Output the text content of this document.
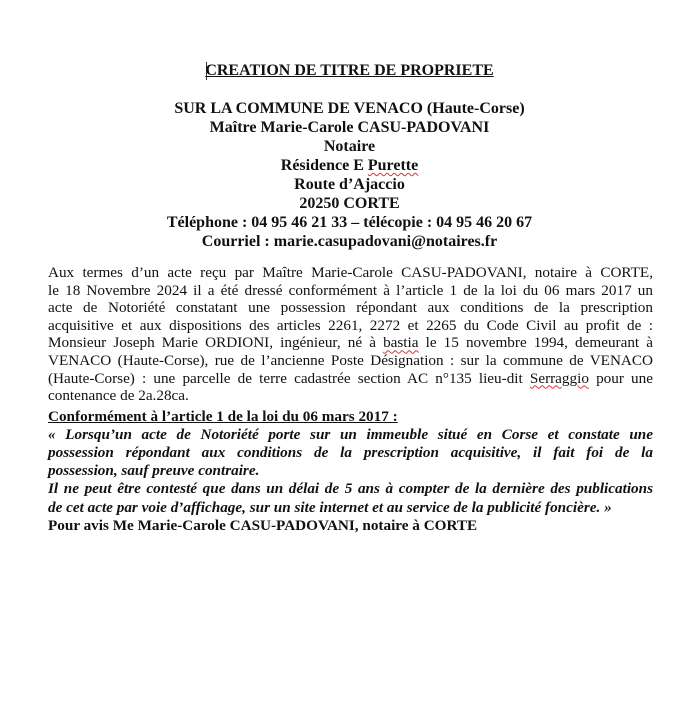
CREATION DE TITRE DE PROPRIETE
SUR LA COMMUNE DE VENACO (Haute-Corse)
Maître Marie-Carole CASU-PADOVANI
Notaire
Résidence E Purette
Route d’Ajaccio
20250 CORTE
Téléphone : 04 95 46 21 33 – télécopie : 04 95 46 20 67
Courriel : marie.casupadovani@notaires.fr
Aux termes d’un acte reçu par Maître Marie-Carole CASU-PADOVANI, notaire à CORTE,
le 18 Novembre 2024 il a été dressé conformément à l’article 1 de la loi du 06 mars 2017 un
acte de Notoriété constatant une possession répondant aux conditions de la prescription
acquisitive et aux dispositions des articles 2261, 2272 et 2265 du Code Civil au profit de :
Monsieur Joseph Marie ORDIONI, ingénieur, né à bastia le 15 novembre 1994, demeurant à
VENACO (Haute-Corse), rue de l’ancienne Poste Désignation : sur la commune de VENACO
(Haute-Corse) : une parcelle de terre cadastrée section AC n°135 lieu-dit Serraggio pour une
contenance de 2a.28ca.
Conformément à l’article 1 de la loi du 06 mars 2017 :
« Lorsqu’un acte de Notoriété porte sur un immeuble situé en Corse et constate une
possession répondant aux conditions de la prescription acquisitive, il fait foi de la
possession, sauf preuve contraire.
Il ne peut être contesté que dans un délai de 5 ans à compter de la dernière des publications
de cet acte par voie d’affichage, sur un site internet et au service de la publicité foncière. »
Pour avis Me Marie-Carole CASU-PADOVANI, notaire à CORTE
